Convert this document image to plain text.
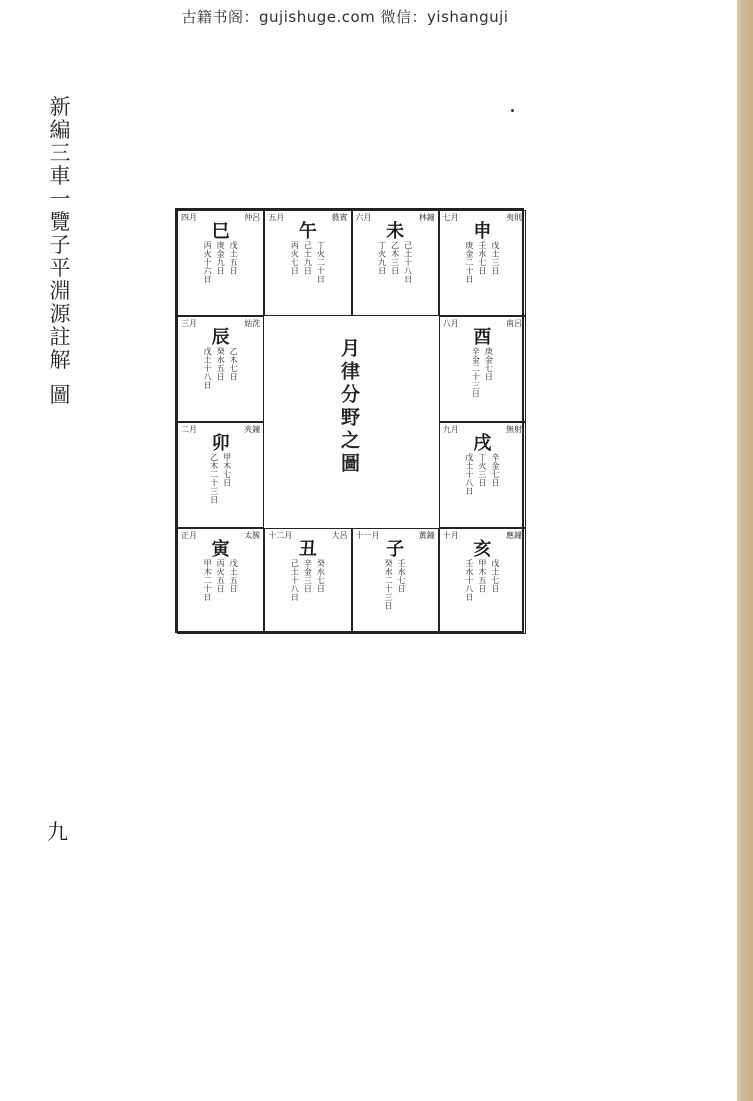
古籍书阁：gujishuge.com 微信：yishanguji
新編三車一覽子平淵源註解
圖
九
月律分野之圖
四月	仲呂
巳
戊土五日
庚金九日
丙火十六日
五月	蕤賓
午
丁火二十日
己土九日
丙火七日
六月	林鐘
未
己土十八日
乙木三日
丁火九日
七月	夷則
申
戊土三日
壬水七日
庚金二十日
三月	姑洗
辰
乙木七日
癸水五日
戊土十八日
八月	南呂
酉
庚金七日
辛金二十三日
二月	夾鐘
卯
甲木七日
乙木二十三日
九月	無射
戌
辛金七日
丁火三日
戊土十八日
正月	太簇
寅
戊土五日
丙火五日
甲木二十日
十二月	大呂
丑
癸水七日
辛金三日
己土十八日
十一月	黃鐘
子
壬水七日
癸水二十三日
十月	應鐘
亥
戊土七日
甲木五日
壬水十八日
